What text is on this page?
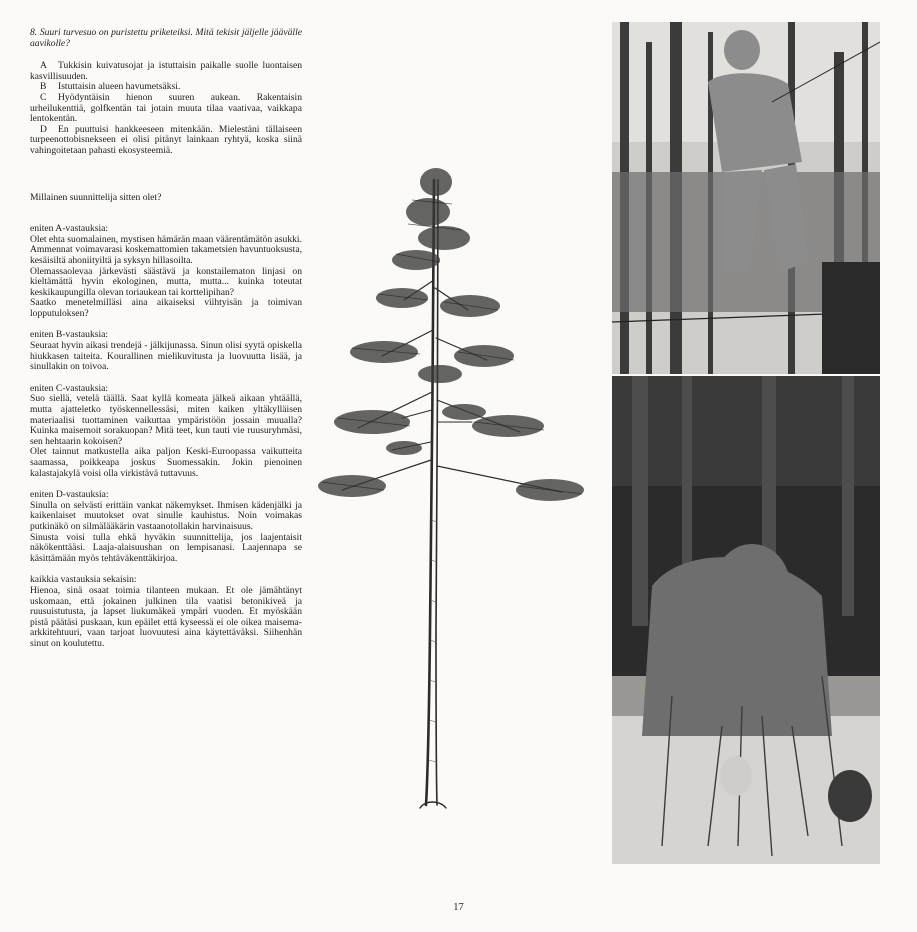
8. Suuri turvesuo on puristettu priketeiksi. Mitä tekisit jäljelle jäävälle aavikolle?

A Tukkisin kuivatusojat ja istuttaisin paikalle suolle luontaisen kasvillisuuden.

B Istuttaisin alueen havumetsäksi.

C Hyödyntäisin hienon suuren aukean. Rakentaisin urheilukenttiä, golfkentän tai jotain muuta tilaa vaativaa, vaikkapa lentokentän.

D En puuttuisi hankkeeseen mitenkään. Mielestäni tällaiseen turpeenottobisnekseen ei olisi pitänyt lainkaan ryhtyä, koska siinä vahingoitetaan pahasti ekosysteemiä.

Millainen suunnittelija sitten olet?

eniten A-vastauksia:

Olet ehta suomalainen, mystisen hämärän maan väärentämätön asukki. Ammennat voimavarasi koskemattomien takametsien havuntuoksusta, kesäisiltä ahoniityiltä ja syksyn hillasoilta.

Olemassaolevaa järkevästi säästävä ja konstailematon linjasi on kieltämättä hyvin ekologinen, mutta, mutta... kuinka toteutat keskikaupungilla olevan toriaukean tai korttelipihan?

Saatko menetelmilläsi aina aikaiseksi viihtyisän ja toimivan lopputuloksen?

eniten B-vastauksia:

Seuraat hyvin aikasi trendejä - jälkijunassa. Sinun olisi syytä opiskella hiukkasen taiteita. Kourallinen mielikuvitusta ja luovuutta lisää, ja sinullakin on toivoa.

eniten C-vastauksia:

Suo siellä, vetelä täällä. Saat kyllä komeata jälkeä aikaan yhtäällä, mutta ajatteletko työskennellessäsi, miten kaiken yltäkylläisen materiaalisi tuottaminen vaikuttaa ympäristöön jossain muualla? Kuinka maisemoit sorakuopan? Mitä teet, kun tauti vie ruusuryhmäsi, sen hehtaarin kokoisen?

Olet tainnut matkustella aika paljon Keski-Euroopassa vaikutteita saamassa, poikkeapa joskus Suomessakin. Jokin pienoinen kalastajakylä voisi olla virkistävä tuttavuus.

eniten D-vastauksia:

Sinulla on selvästi erittäin vankat näkemykset. Ihmisen kädenjälki ja kaikenlaiset muutokset ovat sinulle kauhistus. Noin voimakas putkinäkö on silmälääkärin vastaanotollakin harvinaisuus.

Sinusta voisi tulla ehkä hyväkin suunnittelija, jos laajentaisit näkökenttääsi. Laaja-alaisuushan on lempisanasi. Laajennapa se käsittämään myös tehtäväkenttäkirjoa.

kaikkia vastauksia sekaisin:

Hienoa, sinä osaat toimia tilanteen mukaan. Et ole jämähtänyt uskomaan, että jokainen julkinen tila vaatisi betonikiveä ja ruusuistutusta, ja lapset liukumäkeä ympäri vuoden. Et myöskään pistä päätäsi puskaan, kun epäilet että kyseessä ei ole oikea maisema-arkkitehtuuri, vaan tarjoat luovuutesi aina käytettäväksi. Siihenhän sinut on koulutettu.

17
